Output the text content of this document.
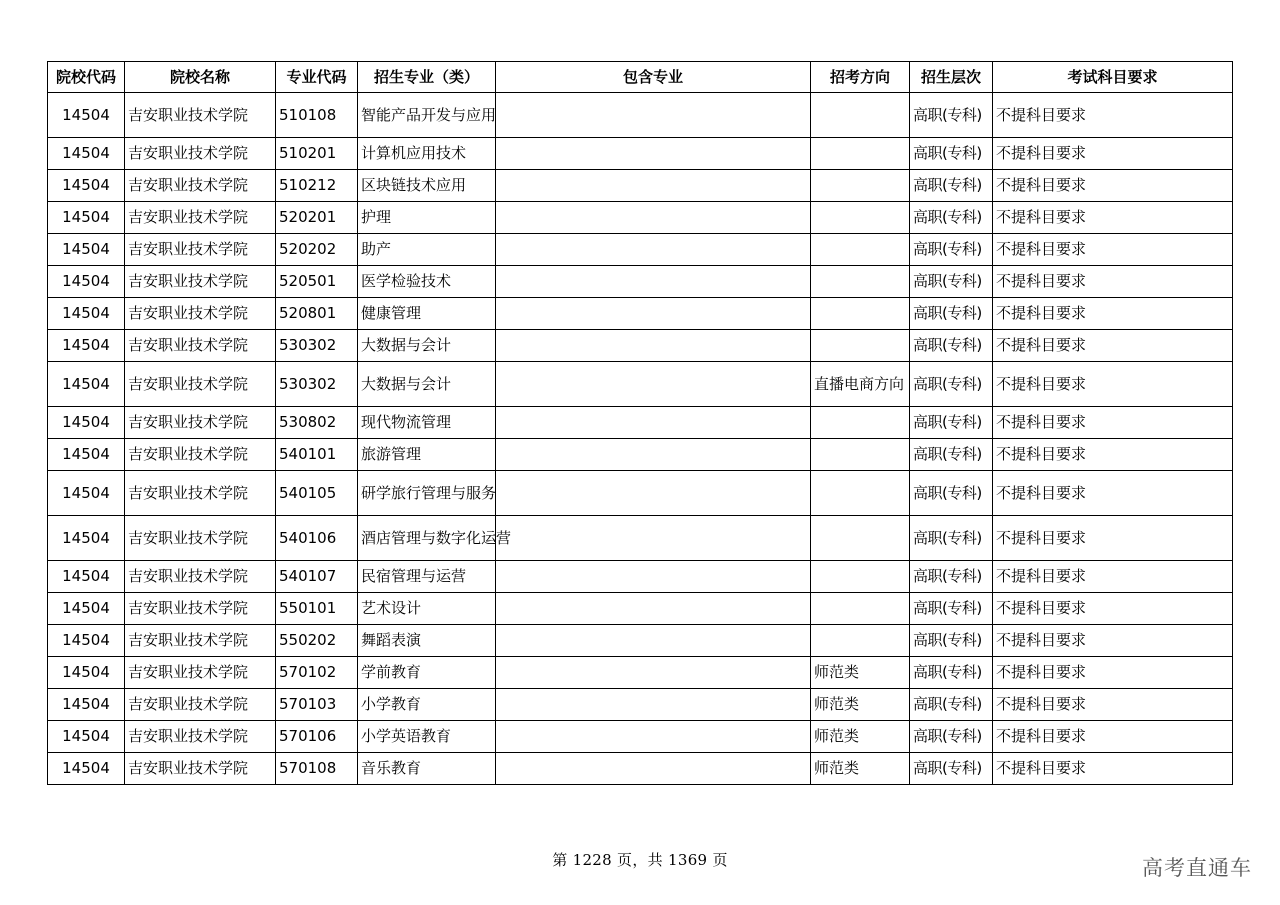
院校代码	院校名称	专业代码	招生专业（类）	包含专业	招考方向	招生层次	考试科目要求
14504	吉安职业技术学院	510108	智能产品开发与应用			高职(专科)	不提科目要求
14504	吉安职业技术学院	510201	计算机应用技术			高职(专科)	不提科目要求
14504	吉安职业技术学院	510212	区块链技术应用			高职(专科)	不提科目要求
14504	吉安职业技术学院	520201	护理			高职(专科)	不提科目要求
14504	吉安职业技术学院	520202	助产			高职(专科)	不提科目要求
14504	吉安职业技术学院	520501	医学检验技术			高职(专科)	不提科目要求
14504	吉安职业技术学院	520801	健康管理			高职(专科)	不提科目要求
14504	吉安职业技术学院	530302	大数据与会计			高职(专科)	不提科目要求
14504	吉安职业技术学院	530302	大数据与会计		直播电商方向	高职(专科)	不提科目要求
14504	吉安职业技术学院	530802	现代物流管理			高职(专科)	不提科目要求
14504	吉安职业技术学院	540101	旅游管理			高职(专科)	不提科目要求
14504	吉安职业技术学院	540105	研学旅行管理与服务			高职(专科)	不提科目要求
14504	吉安职业技术学院	540106	酒店管理与数字化运营			高职(专科)	不提科目要求
14504	吉安职业技术学院	540107	民宿管理与运营			高职(专科)	不提科目要求
14504	吉安职业技术学院	550101	艺术设计			高职(专科)	不提科目要求
14504	吉安职业技术学院	550202	舞蹈表演			高职(专科)	不提科目要求
14504	吉安职业技术学院	570102	学前教育		师范类	高职(专科)	不提科目要求
14504	吉安职业技术学院	570103	小学教育		师范类	高职(专科)	不提科目要求
14504	吉安职业技术学院	570106	小学英语教育		师范类	高职(专科)	不提科目要求
14504	吉安职业技术学院	570108	音乐教育		师范类	高职(专科)	不提科目要求
第 1228 页，共 1369 页	高考直通车
